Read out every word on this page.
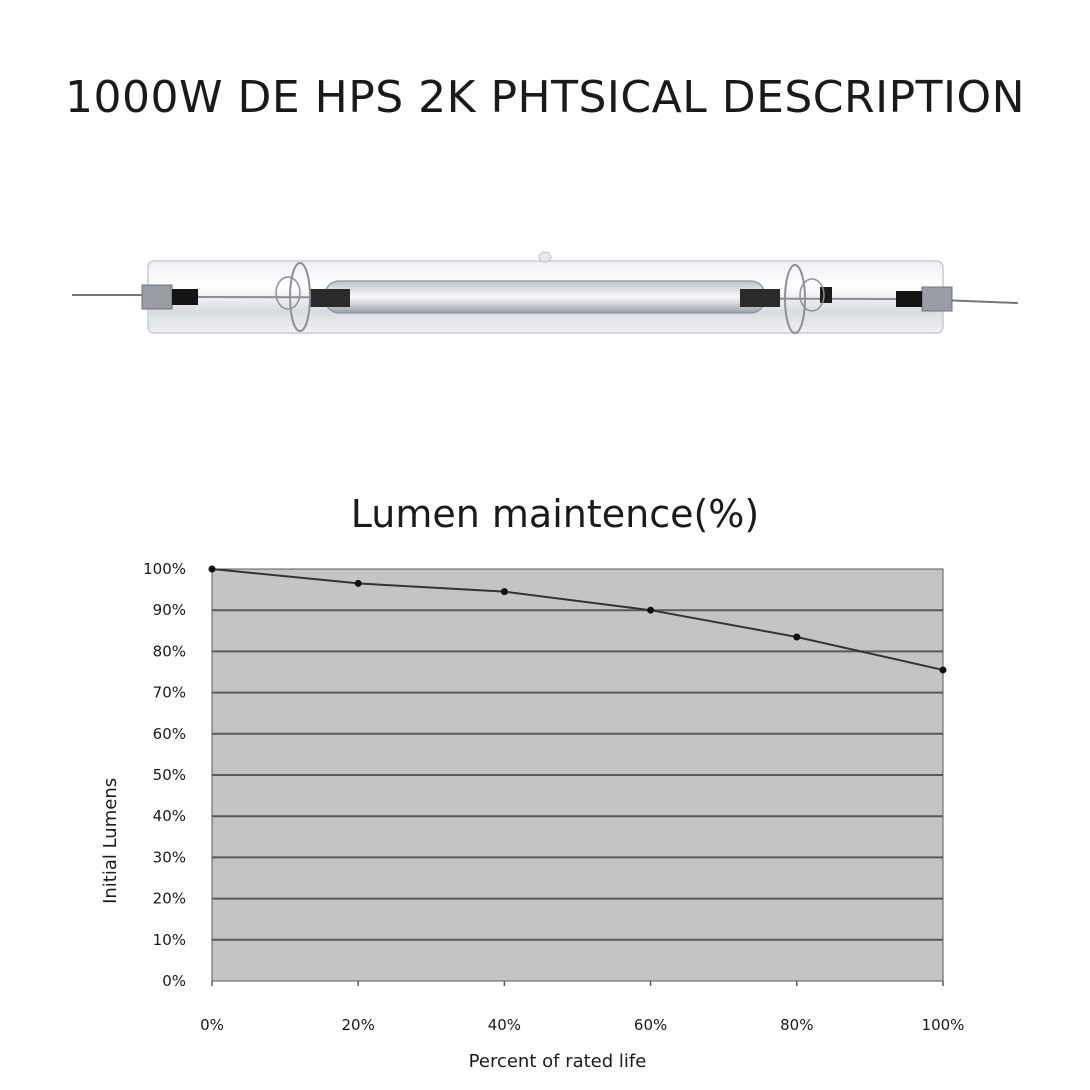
1000W DE HPS 2K PHTSICAL DESCRIPTION
Lumen maintence(%)
0%
10%
20%
30%
40%
50%
60%
70%
80%
90%
100%
0%	20%	40%	60%	80%	100%
Percent of rated life
Initial Lumens
